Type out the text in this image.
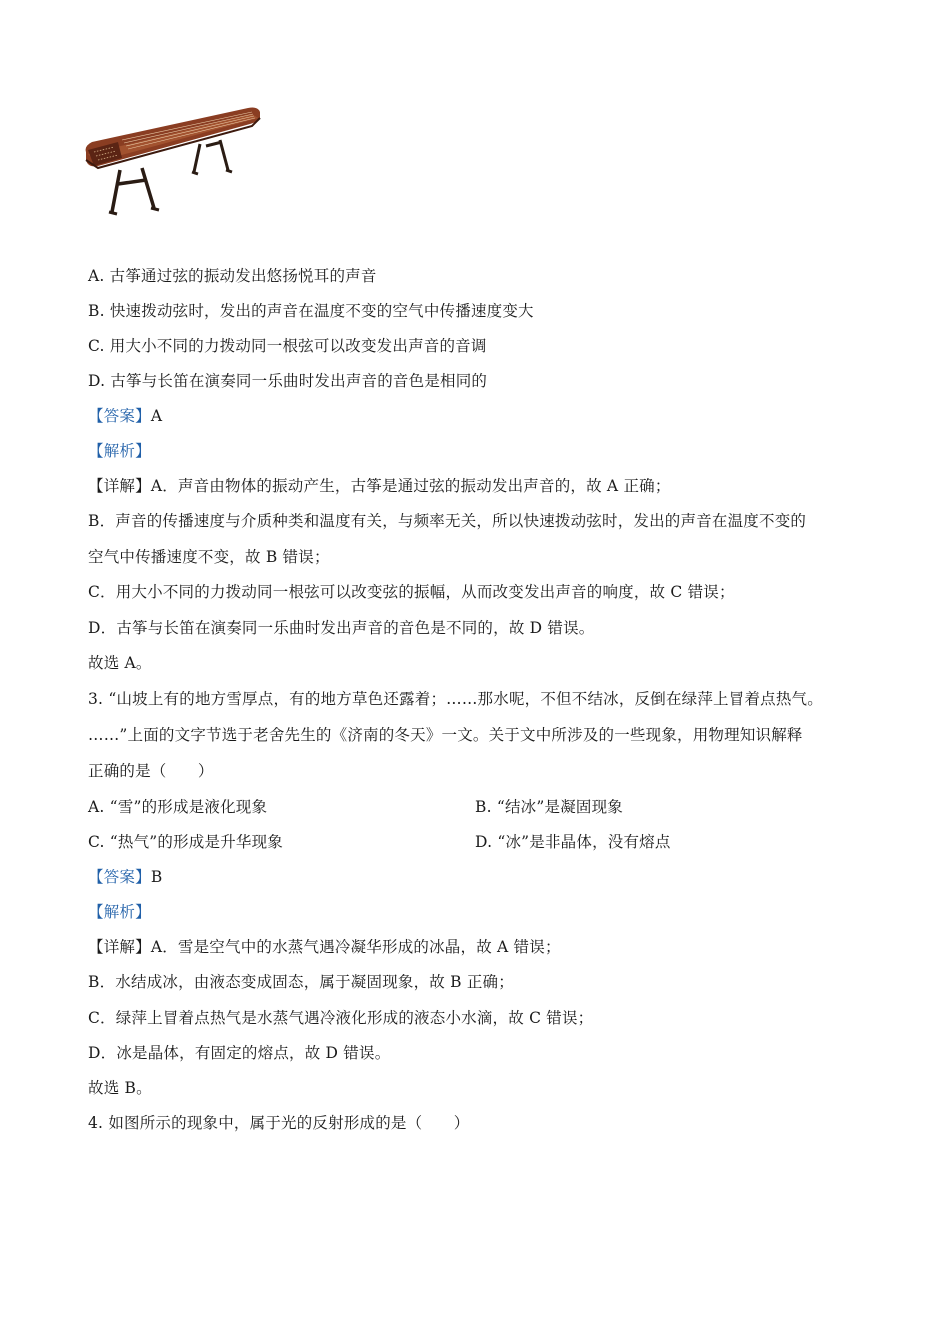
A. 古筝通过弦的振动发出悠扬悦耳的声音
B. 快速拨动弦时，发出的声音在温度不变的空气中传播速度变大
C. 用大小不同的力拨动同一根弦可以改变发出声音的音调
D. 古筝与长笛在演奏同一乐曲时发出声音的音色是相同的
【答案】A
【解析】
【详解】A．声音由物体的振动产生，古筝是通过弦的振动发出声音的，故 A 正确；
B．声音的传播速度与介质种类和温度有关，与频率无关，所以快速拨动弦时，发出的声音在温度不变的
空气中传播速度不变，故 B 错误；
C．用大小不同的力拨动同一根弦可以改变弦的振幅，从而改变发出声音的响度，故 C 错误；
D．古筝与长笛在演奏同一乐曲时发出声音的音色是不同的，故 D 错误。
故选 A。
3. “山坡上有的地方雪厚点，有的地方草色还露着；……那水呢，不但不结冰，反倒在绿萍上冒着点热气。
……”上面的文字节选于老舍先生的《济南的冬天》一文。关于文中所涉及的一些现象，用物理知识解释
正确的是（　　）
A. “雪”的形成是液化现象	B. “结冰”是凝固现象
C. “热气”的形成是升华现象	D. “冰”是非晶体，没有熔点
【答案】B
【解析】
【详解】A．雪是空气中的水蒸气遇冷凝华形成的冰晶，故 A 错误；
B．水结成冰，由液态变成固态，属于凝固现象，故 B 正确；
C．绿萍上冒着点热气是水蒸气遇冷液化形成的液态小水滴，故 C 错误；
D．冰是晶体，有固定的熔点，故 D 错误。
故选 B。
4. 如图所示的现象中，属于光的反射形成的是（　　）
